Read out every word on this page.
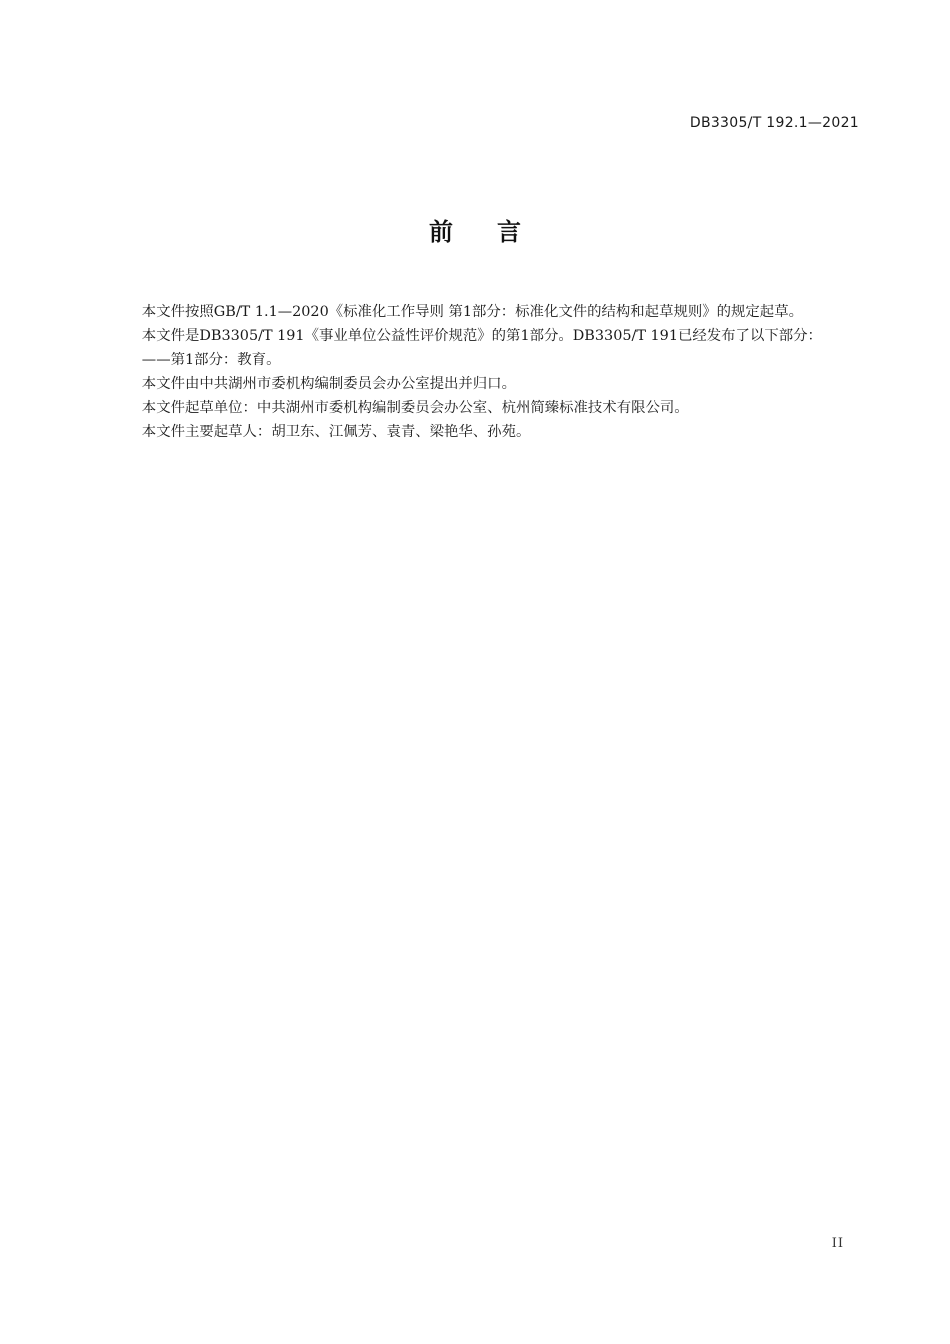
DB3305/T 192.1—2021
前言

本文件按照GB/T 1.1—2020《标准化工作导则 第1部分：标准化文件的结构和起草规则》的规定起草。

本文件是DB3305/T 191《事业单位公益性评价规范》的第1部分。DB3305/T 191已经发布了以下部分：

——第1部分：教育。

本文件由中共湖州市委机构编制委员会办公室提出并归口。

本文件起草单位：中共湖州市委机构编制委员会办公室、杭州简臻标准技术有限公司。

本文件主要起草人：胡卫东、江佩芳、袁青、梁艳华、孙苑。

II
